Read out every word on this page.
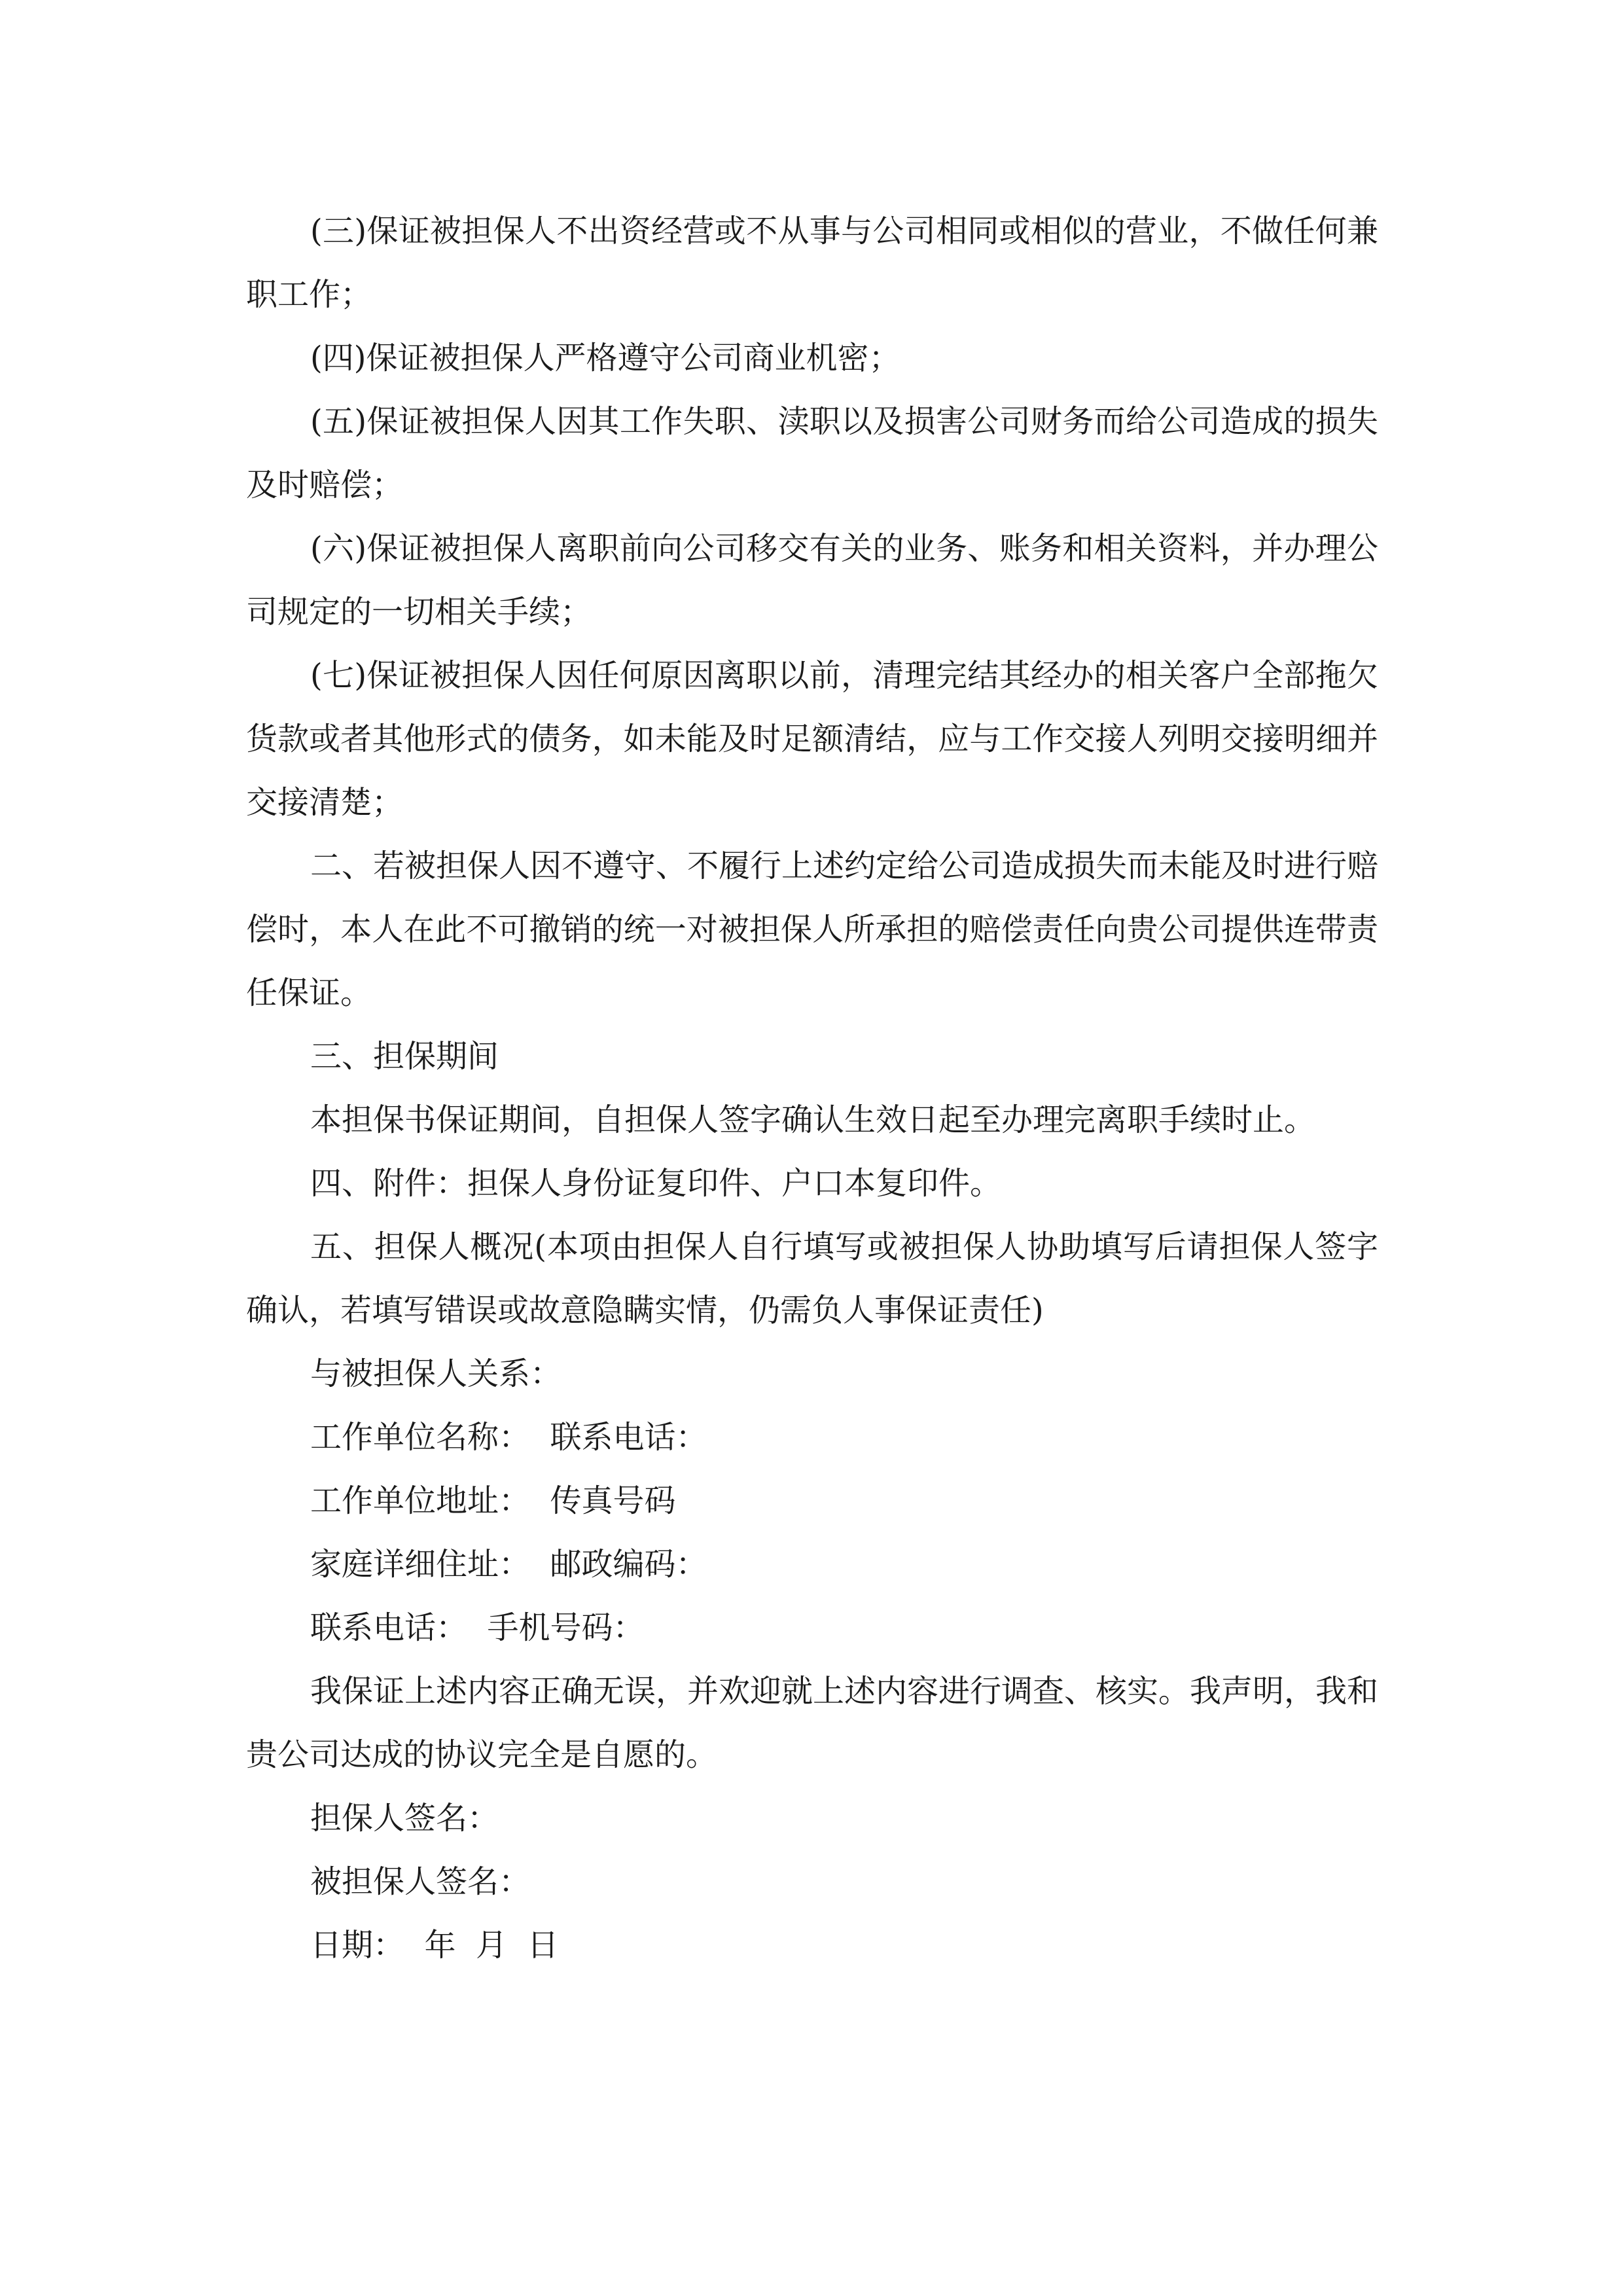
(三)保证被担保人不出资经营或不从事与公司相同或相似的营业，不做任何兼职工作；

(四)保证被担保人严格遵守公司商业机密；

(五)保证被担保人因其工作失职、渎职以及损害公司财务而给公司造成的损失及时赔偿；

(六)保证被担保人离职前向公司移交有关的业务、账务和相关资料，并办理公司规定的一切相关手续；

(七)保证被担保人因任何原因离职以前，清理完结其经办的相关客户全部拖欠货款或者其他形式的债务，如未能及时足额清结，应与工作交接人列明交接明细并交接清楚；

二、若被担保人因不遵守、不履行上述约定给公司造成损失而未能及时进行赔偿时，本人在此不可撤销的统一对被担保人所承担的赔偿责任向贵公司提供连带责任保证。

三、担保期间

本担保书保证期间，自担保人签字确认生效日起至办理完离职手续时止。

四、附件：担保人身份证复印件、户口本复印件。

五、担保人概况(本项由担保人自行填写或被担保人协助填写后请担保人签字确认，若填写错误或故意隐瞒实情，仍需负人事保证责任)

与被担保人关系：

工作单位名称：  联系电话：

工作单位地址：  传真号码

家庭详细住址：  邮政编码：

联系电话：  手机号码：

我保证上述内容正确无误，并欢迎就上述内容进行调查、核实。我声明，我和贵公司达成的协议完全是自愿的。

担保人签名：

被担保人签名：

日期：  年  月  日
